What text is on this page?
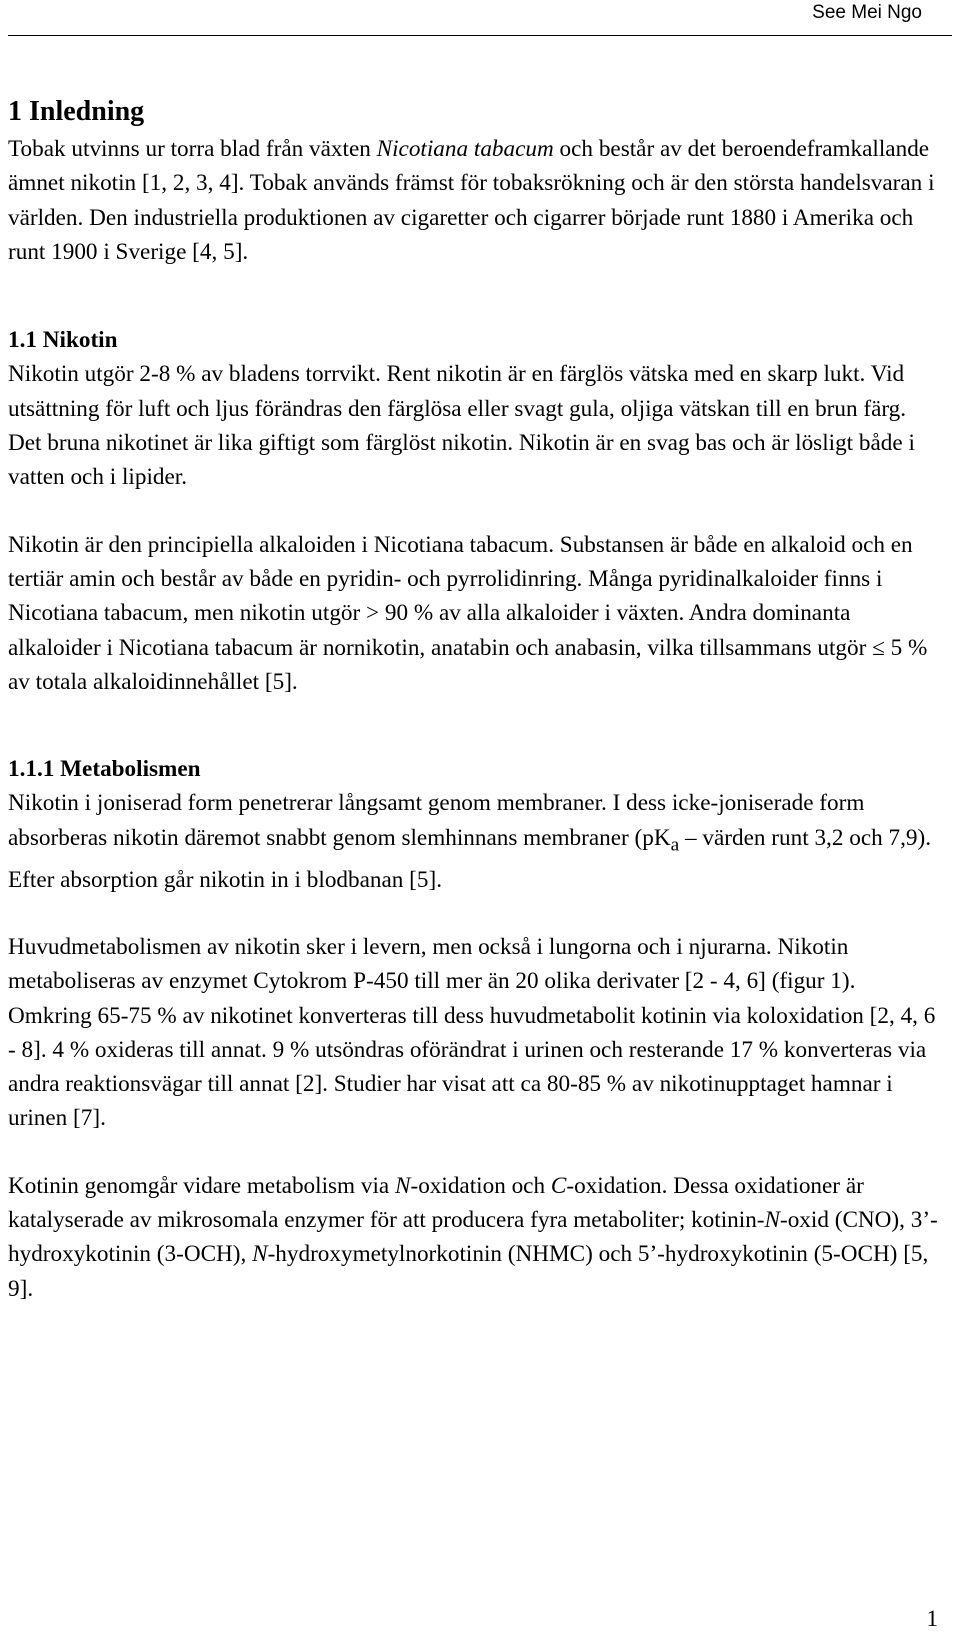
See Mei Ngo
1 Inledning

Tobak utvinns ur torra blad från växten Nicotiana tabacum och består av det beroendeframkallande ämnet nikotin [1, 2, 3, 4]. Tobak används främst för tobaksrökning och är den största handelsvaran i världen. Den industriella produktionen av cigaretter och cigarrer började runt 1880 i Amerika och runt 1900 i Sverige [4, 5].

1.1 Nikotin

Nikotin utgör 2-8 % av bladens torrvikt. Rent nikotin är en färglös vätska med en skarp lukt. Vid utsättning för luft och ljus förändras den färglösa eller svagt gula, oljiga vätskan till en brun färg. Det bruna nikotinet är lika giftigt som färglöst nikotin. Nikotin är en svag bas och är lösligt både i vatten och i lipider.

Nikotin är den principiella alkaloiden i Nicotiana tabacum. Substansen är både en alkaloid och en tertiär amin och består av både en pyridin- och pyrrolidinring. Många pyridinalkaloider finns i Nicotiana tabacum, men nikotin utgör > 90 % av alla alkaloider i växten. Andra dominanta alkaloider i Nicotiana tabacum är nornikotin, anatabin och anabasin, vilka tillsammans utgör ≤ 5 % av totala alkaloidinnehållet [5].

1.1.1 Metabolismen

Nikotin i joniserad form penetrerar långsamt genom membraner. I dess icke-joniserade form absorberas nikotin däremot snabbt genom slemhinnans membraner ($pK_a$ – värden runt 3,2 och 7,9). Efter absorption går nikotin in i blodbanan [5].

Huvudmetabolismen av nikotin sker i levern, men också i lungorna och i njurarna. Nikotin metaboliseras av enzymet Cytokrom P-450 till mer än 20 olika derivater [2 - 4, 6] (figur 1). Omkring 65-75 % av nikotinet konverteras till dess huvudmetabolit kotinin via koloxidation [2, 4, 6 - 8]. 4 % oxideras till annat. 9 % utsöndras oförändrat i urinen och resterande 17 % konverteras via andra reaktionsvägar till annat [2]. Studier har visat att ca 80-85 % av nikotinupptaget hamnar i urinen [7].

Kotinin genomgår vidare metabolism via N-oxidation och C-oxidation. Dessa oxidationer är katalyserade av mikrosomala enzymer för att producera fyra metaboliter; kotinin-N-oxid (CNO), 3’-hydroxykotinin (3-OCH), N-hydroxymetylnorkotinin (NHMC) och 5’-hydroxykotinin (5-OCH) [5, 9].

1
